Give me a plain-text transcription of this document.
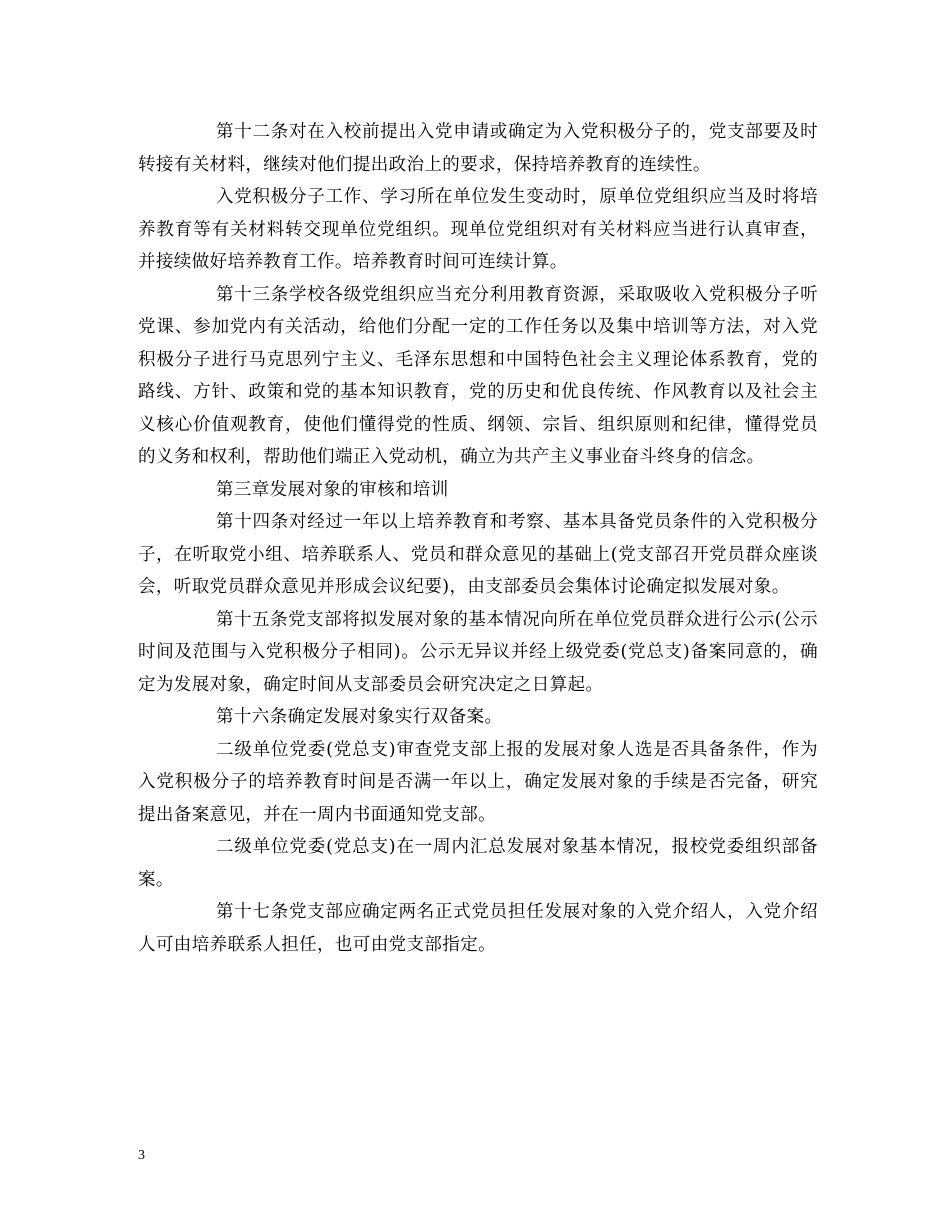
第十二条对在入校前提出入党申请或确定为入党积极分子的，党支部要及时转接有关材料，继续对他们提出政治上的要求，保持培养教育的连续性。

入党积极分子工作、学习所在单位发生变动时，原单位党组织应当及时将培养教育等有关材料转交现单位党组织。现单位党组织对有关材料应当进行认真审查，并接续做好培养教育工作。培养教育时间可连续计算。

第十三条学校各级党组织应当充分利用教育资源，采取吸收入党积极分子听党课、参加党内有关活动，给他们分配一定的工作任务以及集中培训等方法，对入党积极分子进行马克思列宁主义、毛泽东思想和中国特色社会主义理论体系教育，党的路线、方针、政策和党的基本知识教育，党的历史和优良传统、作风教育以及社会主义核心价值观教育，使他们懂得党的性质、纲领、宗旨、组织原则和纪律，懂得党员的义务和权利，帮助他们端正入党动机，确立为共产主义事业奋斗终身的信念。

第三章发展对象的审核和培训

第十四条对经过一年以上培养教育和考察、基本具备党员条件的入党积极分子，在听取党小组、培养联系人、党员和群众意见的基础上(党支部召开党员群众座谈会，听取党员群众意见并形成会议纪要)，由支部委员会集体讨论确定拟发展对象。

第十五条党支部将拟发展对象的基本情况向所在单位党员群众进行公示(公示时间及范围与入党积极分子相同)。公示无异议并经上级党委(党总支)备案同意的，确定为发展对象，确定时间从支部委员会研究决定之日算起。

第十六条确定发展对象实行双备案。

二级单位党委(党总支)审查党支部上报的发展对象人选是否具备条件，作为入党积极分子的培养教育时间是否满一年以上，确定发展对象的手续是否完备，研究提出备案意见，并在一周内书面通知党支部。

二级单位党委(党总支)在一周内汇总发展对象基本情况，报校党委组织部备案。

第十七条党支部应确定两名正式党员担任发展对象的入党介绍人，入党介绍人可由培养联系人担任，也可由党支部指定。

3
